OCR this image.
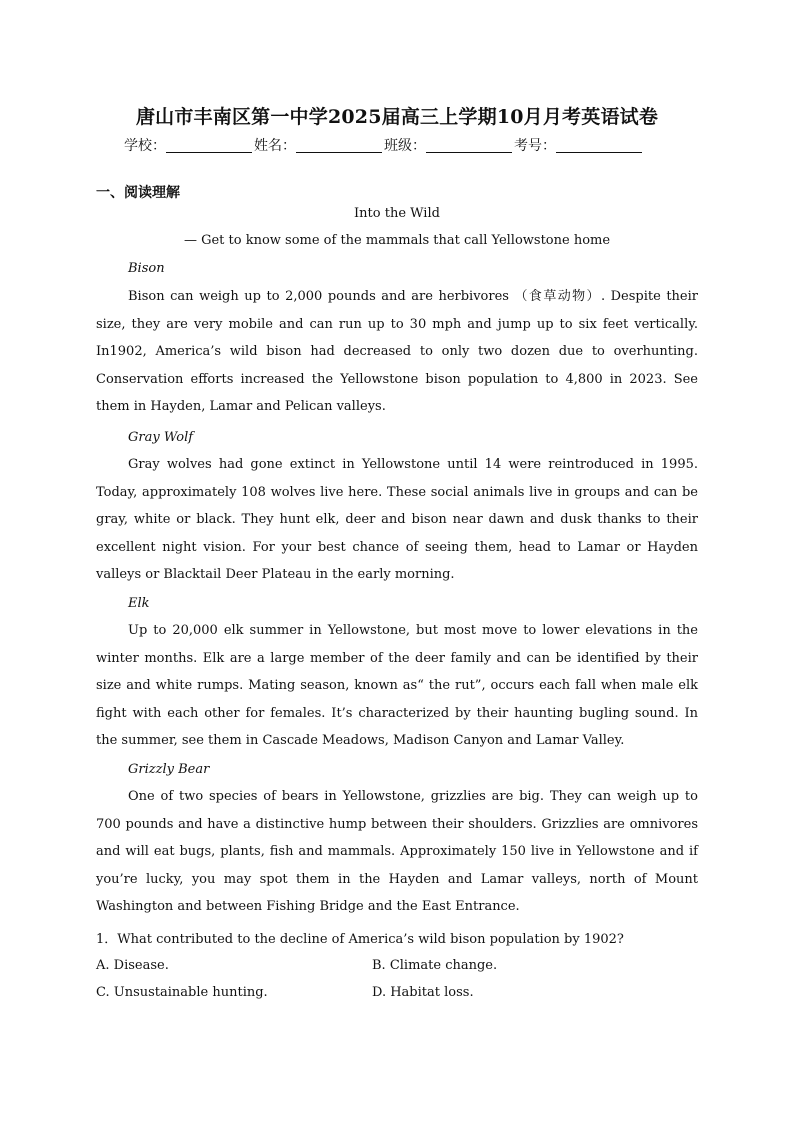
唐山市丰南区第一中学2025届高三上学期10月月考英语试卷
学校：	姓名：	班级：	考号：
一、阅读理解
Into the Wild
— Get to know some of the mammals that call Yellowstone home
Bison

Bison can weigh up to 2,000 pounds and are herbivores （食草动物）. Despite their size, they are very mobile and can run up to 30 mph and jump up to six feet vertically. In1902, America’s wild bison had decreased to only two dozen due to overhunting. Conservation efforts increased the Yellowstone bison population to 4,800 in 2023. See them in Hayden, Lamar and Pelican valleys.

Gray Wolf

Gray wolves had gone extinct in Yellowstone until 14 were reintroduced in 1995. Today, approximately 108 wolves live here. These social animals live in groups and can be gray, white or black. They hunt elk, deer and bison near dawn and dusk thanks to their excellent night vision. For your best chance of seeing them, head to Lamar or Hayden valleys or Blacktail Deer Plateau in the early morning.

Elk

Up to 20,000 elk summer in Yellowstone, but most move to lower elevations in the winter months. Elk are a large member of the deer family and can be identified by their size and white rumps. Mating season, known as“ the rut”, occurs each fall when male elk fight with each other for females. It’s characterized by their haunting bugling sound. In the summer, see them in Cascade Meadows, Madison Canyon and Lamar Valley.

Grizzly Bear

One of two species of bears in Yellowstone, grizzlies are big. They can weigh up to 700 pounds and have a distinctive hump between their shoulders. Grizzlies are omnivores and will eat bugs, plants, fish and mammals. Approximately 150 live in Yellowstone and if you’re lucky, you may spot them in the Hayden and Lamar valleys, north of Mount Washington and between Fishing Bridge and the East Entrance.

1．What contributed to the decline of America’s wild bison population by 1902?
A. Disease.	B. Climate change.
C. Unsustainable hunting.	D. Habitat loss.
